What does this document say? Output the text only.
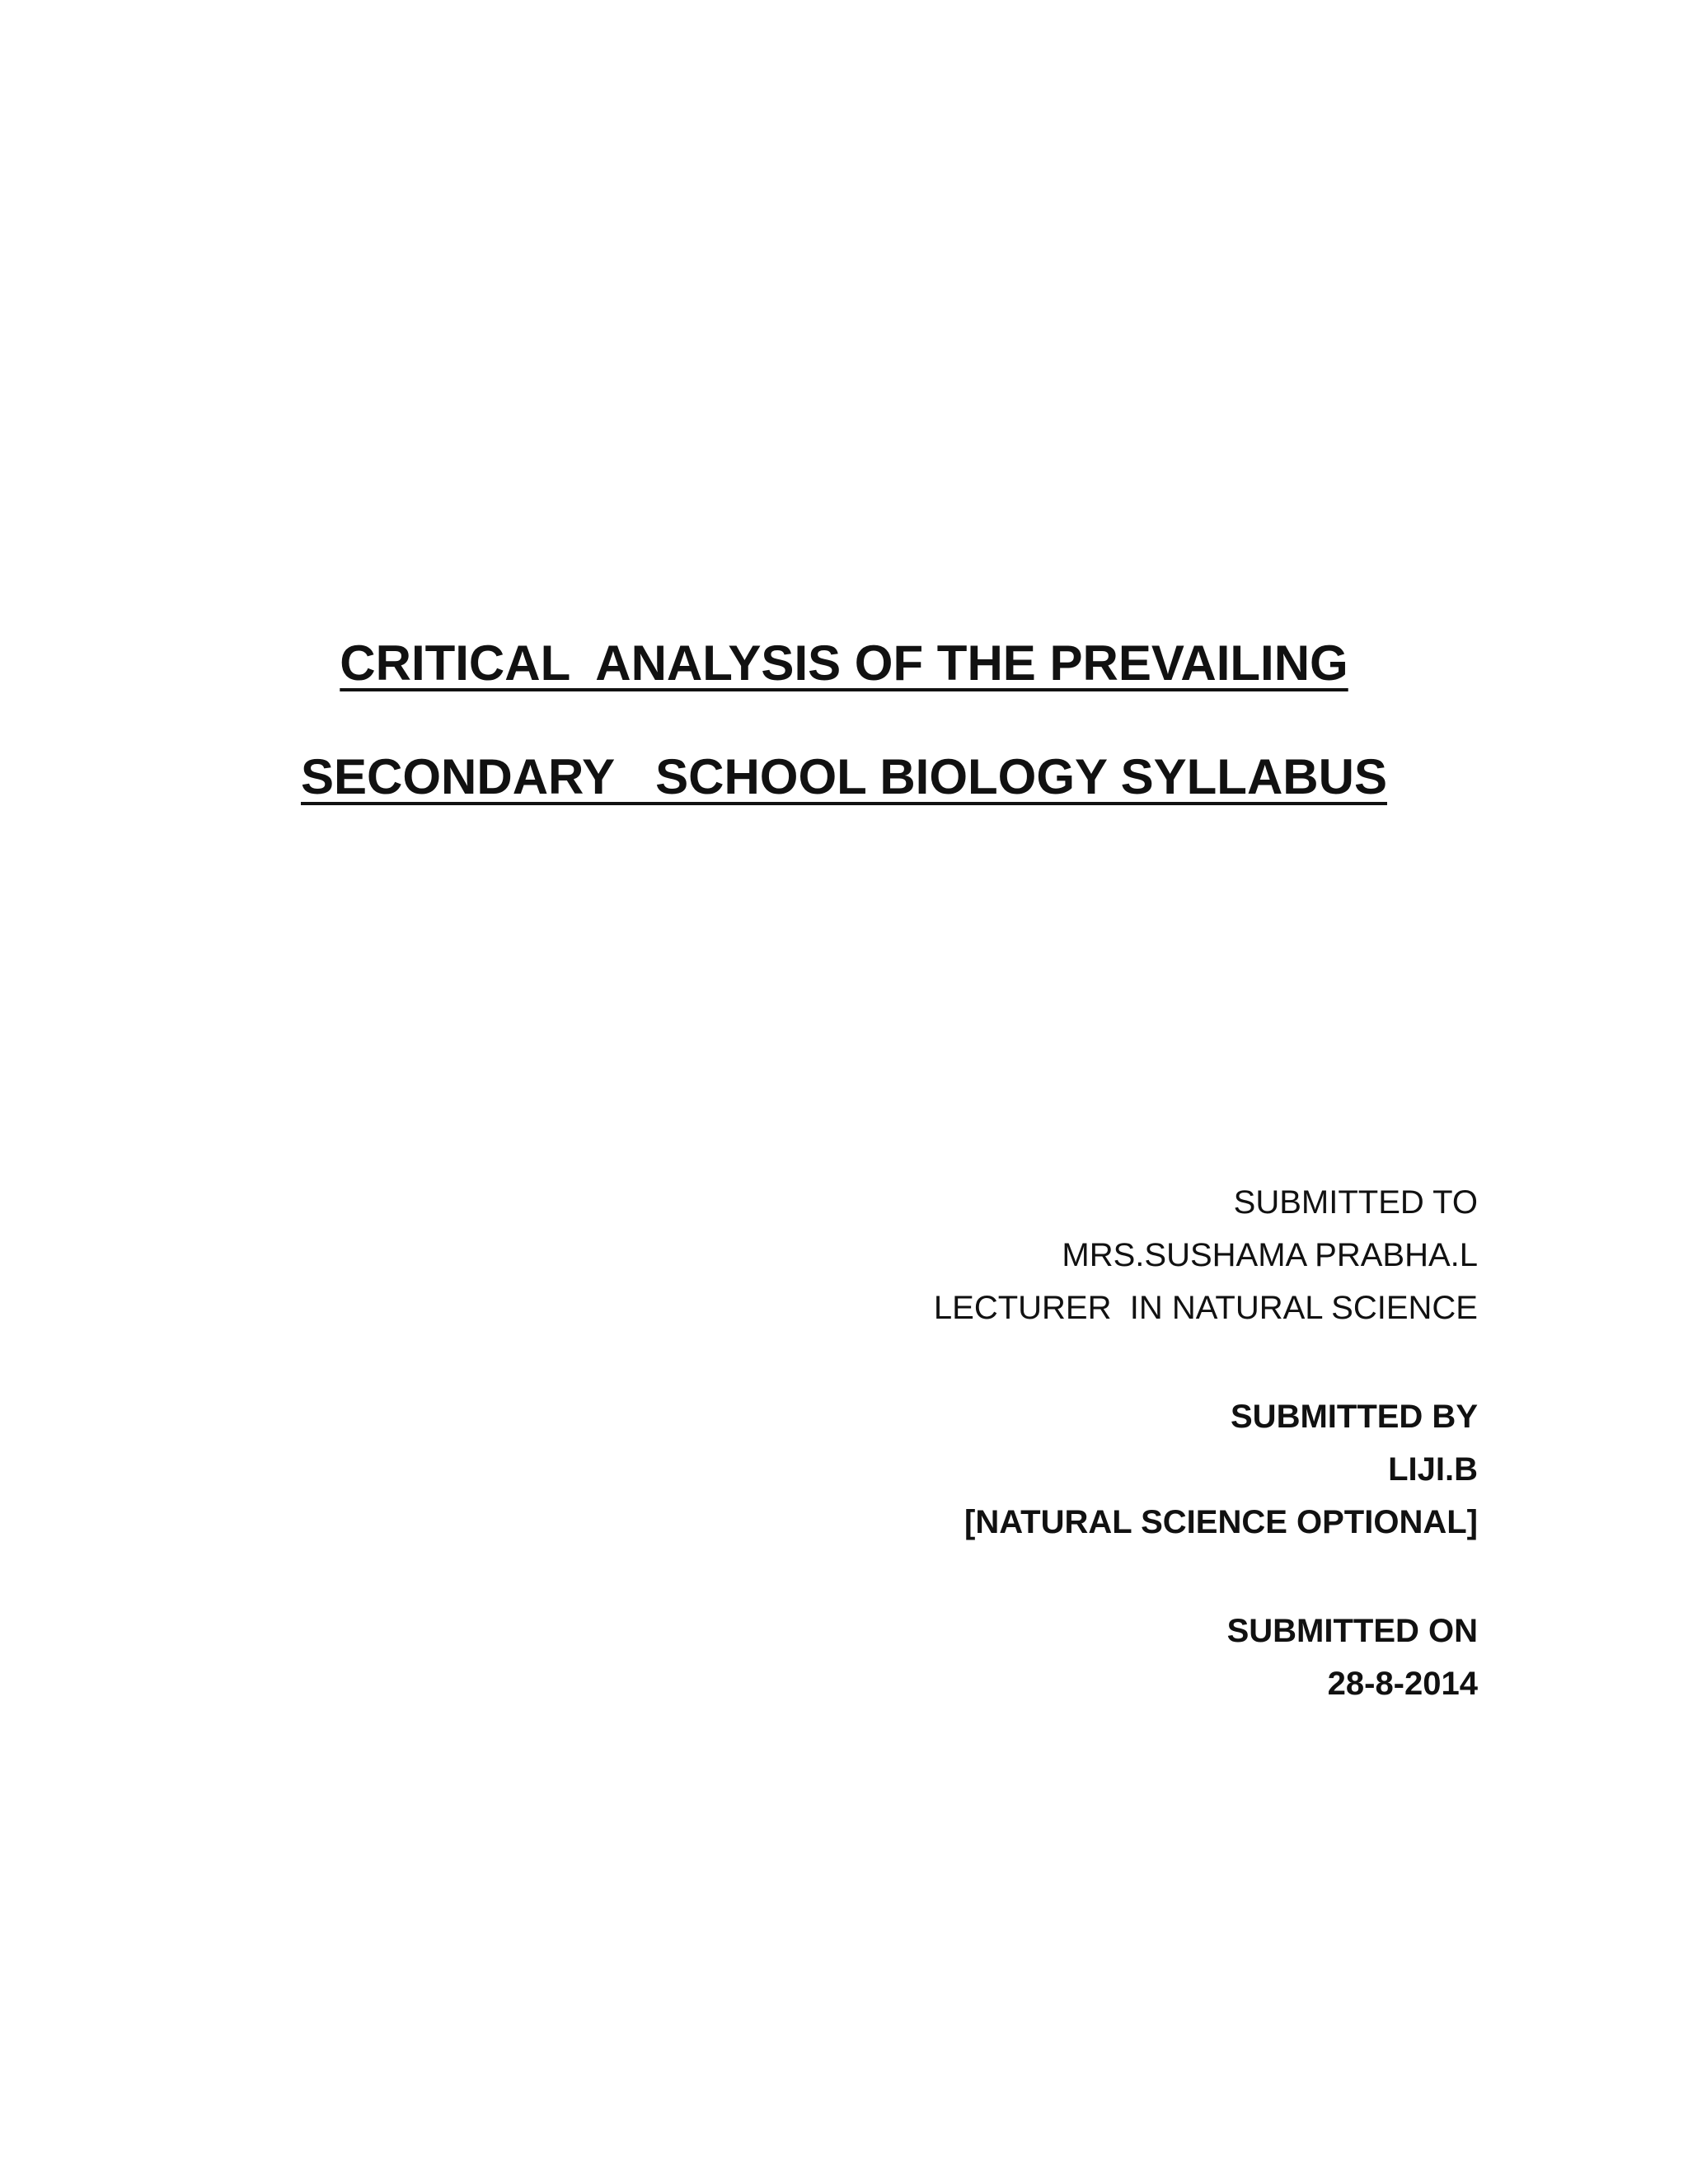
CRITICAL  ANALYSIS OF THE PREVAILING
SECONDARY   SCHOOL BIOLOGY SYLLABUS
SUBMITTED TO
MRS.SUSHAMA PRABHA.L
LECTURER  IN NATURAL SCIENCE
SUBMITTED BY
LIJI.B
[NATURAL SCIENCE OPTIONAL]
SUBMITTED ON
28-8-2014
